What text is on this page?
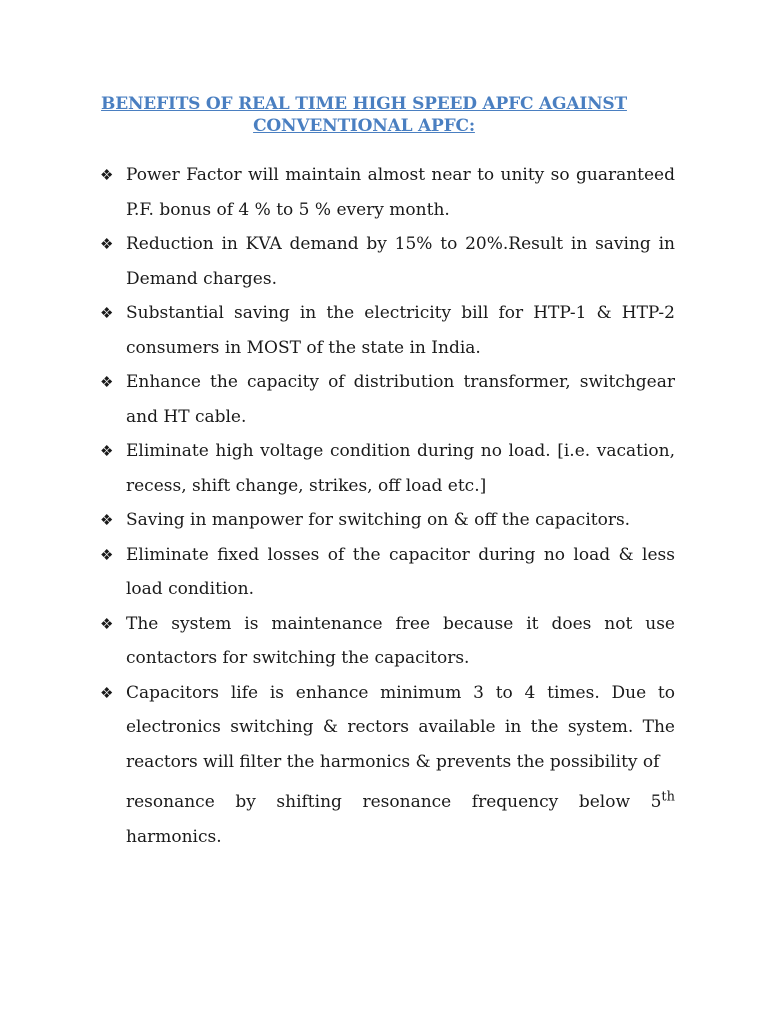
BENEFITS OF REAL TIME HIGH SPEED APFC AGAINST
CONVENTIONAL APFC:
❖ Power Factor will maintain almost near to unity so guaranteed P.F. bonus of 4 % to 5 % every month.
❖ Reduction in KVA demand by 15% to 20%.Result in saving in Demand charges.
❖ Substantial saving in the electricity bill for HTP-1 & HTP-2 consumers in MOST of the state in India.
❖ Enhance the capacity of distribution transformer, switchgear and HT cable.
❖ Eliminate high voltage condition during no load. [i.e. vacation, recess, shift change, strikes, off load etc.]
❖ Saving in manpower for switching on & off the capacitors.
❖ Eliminate fixed losses of the capacitor during no load & less load condition.
❖ The system is maintenance free because it does not use contactors for switching the capacitors.
❖ Capacitors life is enhance minimum 3 to 4 times. Due to electronics switching & rectors available in the system. The reactors will filter the harmonics & prevents the possibility of
resonance by shifting resonance frequency below 5th harmonics.
